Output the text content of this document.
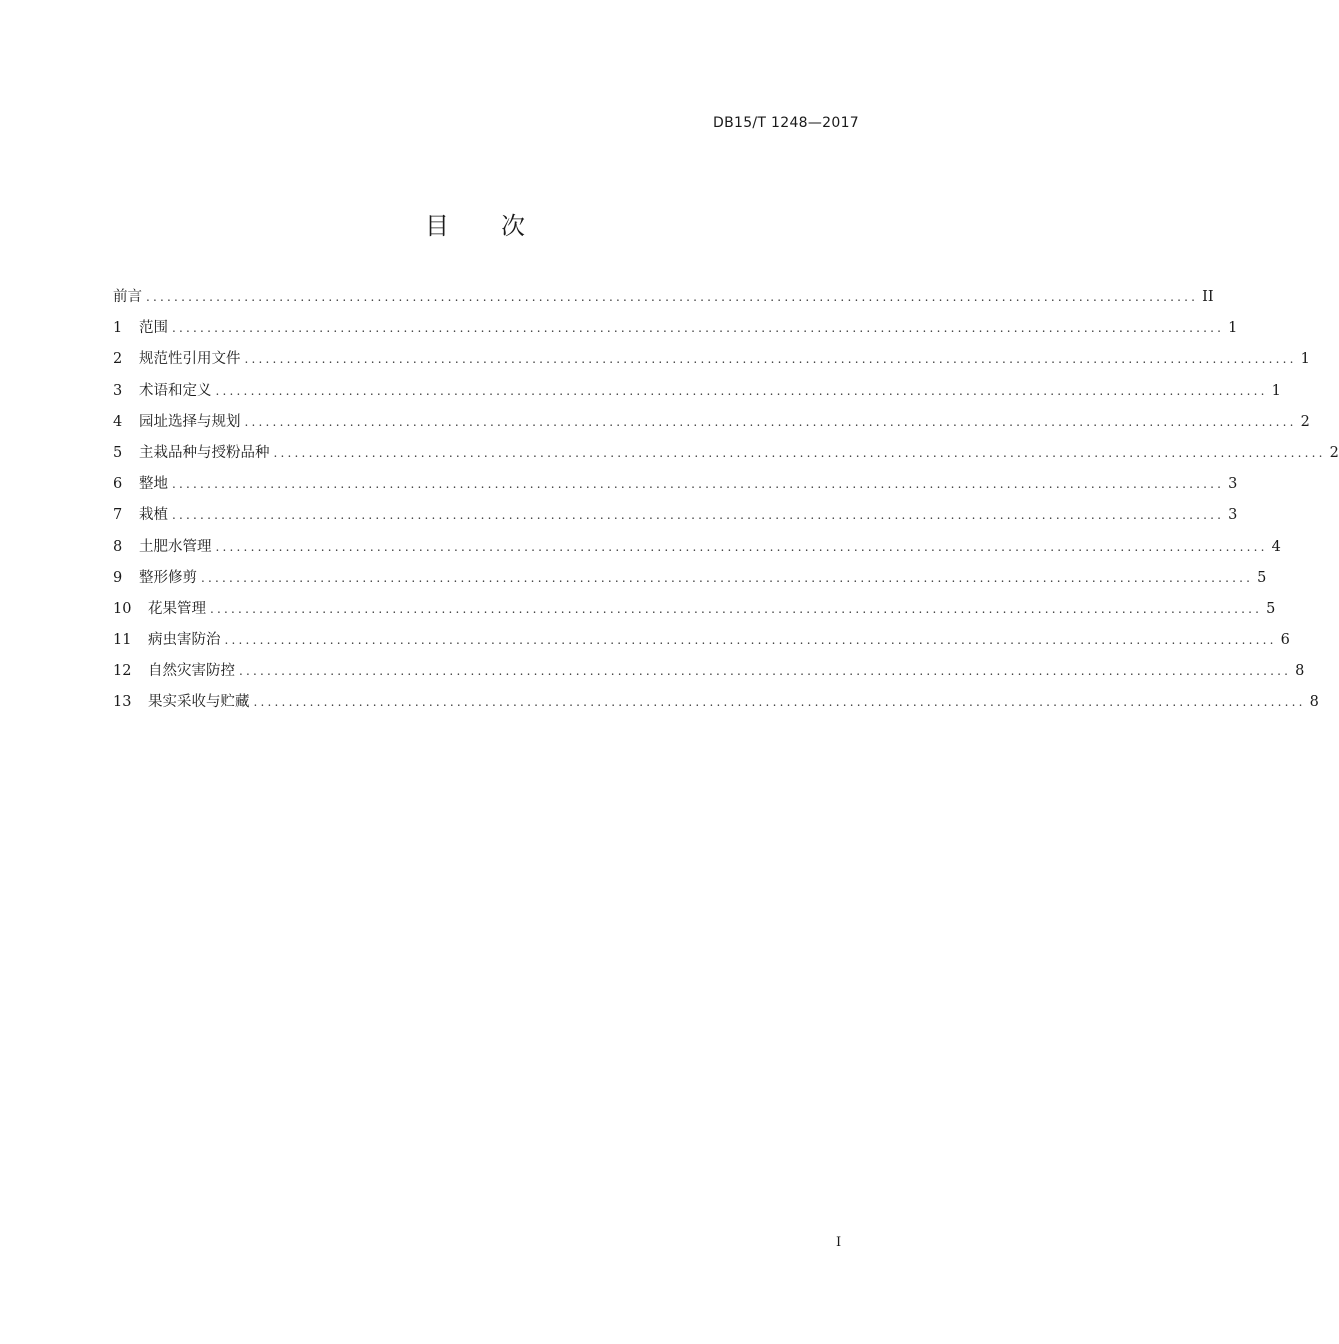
DB15/T 1248—2017
目次
前言 ...................................................................................................................................................... II
1	范围 ...................................................................................................................................................... 1
2	规范性引用文件 ...................................................................................................................................................... 1
3	术语和定义 ...................................................................................................................................................... 1
4	园址选择与规划 ...................................................................................................................................................... 2
5	主栽品种与授粉品种 ...................................................................................................................................................... 2
6	整地 ...................................................................................................................................................... 3
7	栽植 ...................................................................................................................................................... 3
8	土肥水管理 ...................................................................................................................................................... 4
9	整形修剪 ...................................................................................................................................................... 5
10	花果管理 ...................................................................................................................................................... 5
11	病虫害防治 ...................................................................................................................................................... 6
12	自然灾害防控 ...................................................................................................................................................... 8
13	果实采收与贮藏 ...................................................................................................................................................... 8
I
